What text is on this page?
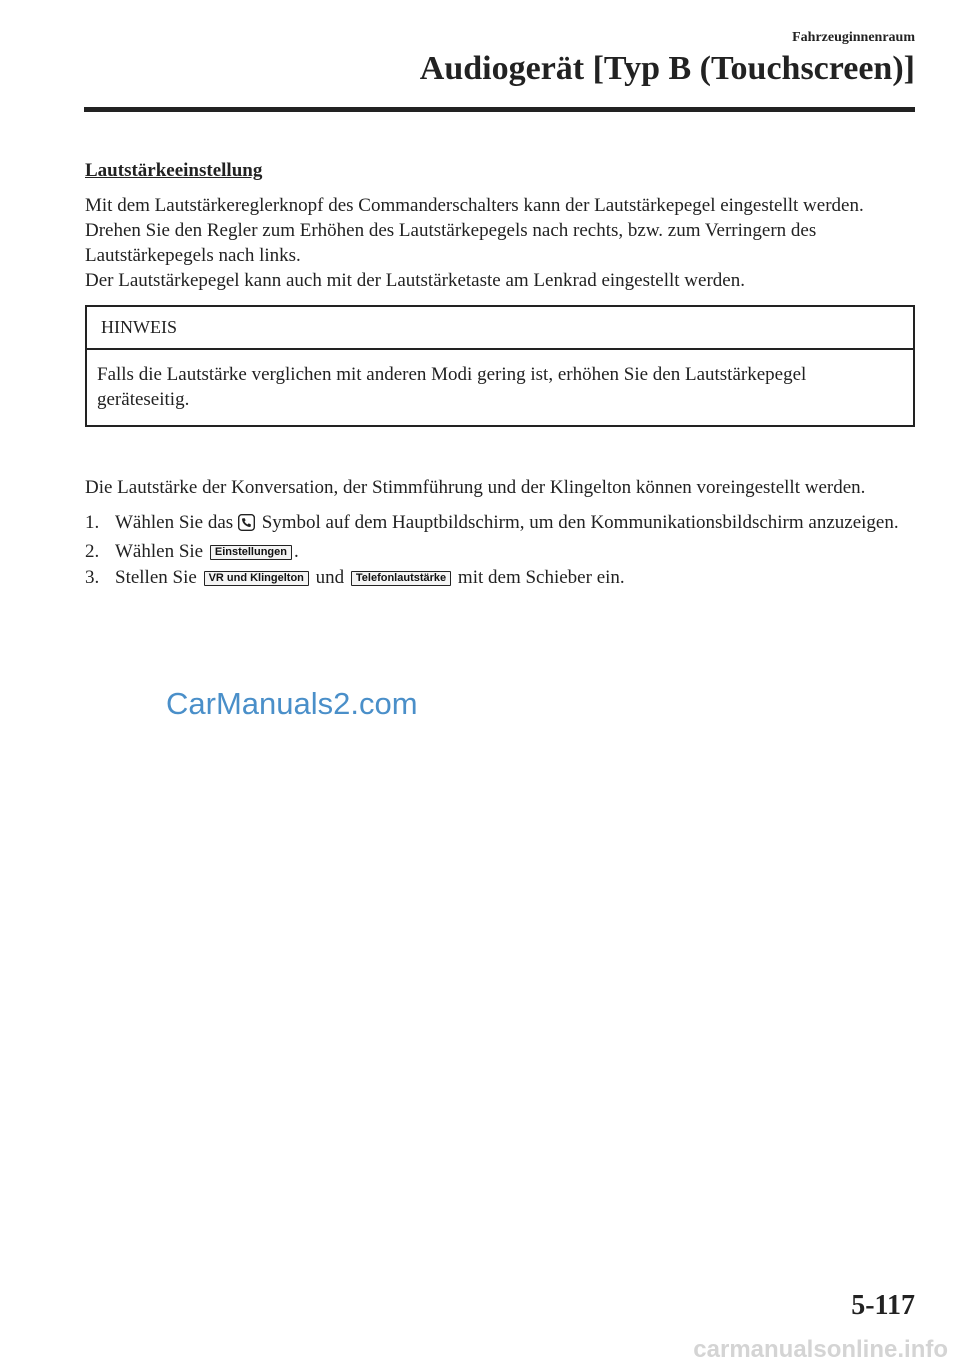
Fahrzeuginnenraum
Audiogerät [Typ B (Touchscreen)]
Lautstärkeeinstellung

Mit dem Lautstärkereglerknopf des Commanderschalters kann der Lautstärkepegel eingestellt werden. Drehen Sie den Regler zum Erhöhen des Lautstärkepegels nach rechts, bzw. zum Verringern des Lautstärkepegels nach links.

Der Lautstärkepegel kann auch mit der Lautstärketaste am Lenkrad eingestellt werden.

HINWEIS
Falls die Lautstärke verglichen mit anderen Modi gering ist, erhöhen Sie den Lautstärkepegel geräteseitig.

Die Lautstärke der Konversation, der Stimmführung und der Klingelton können voreingestellt werden.

1. Wählen Sie das Symbol auf dem Hauptbildschirm, um den Kommunikationsbildschirm anzuzeigen.
2. Wählen Sie Einstellungen .
3. Stellen Sie VR und Klingelton und Telefonlautstärke mit dem Schieber ein.
CarManuals2.com
5-117
carmanualsonline.info
